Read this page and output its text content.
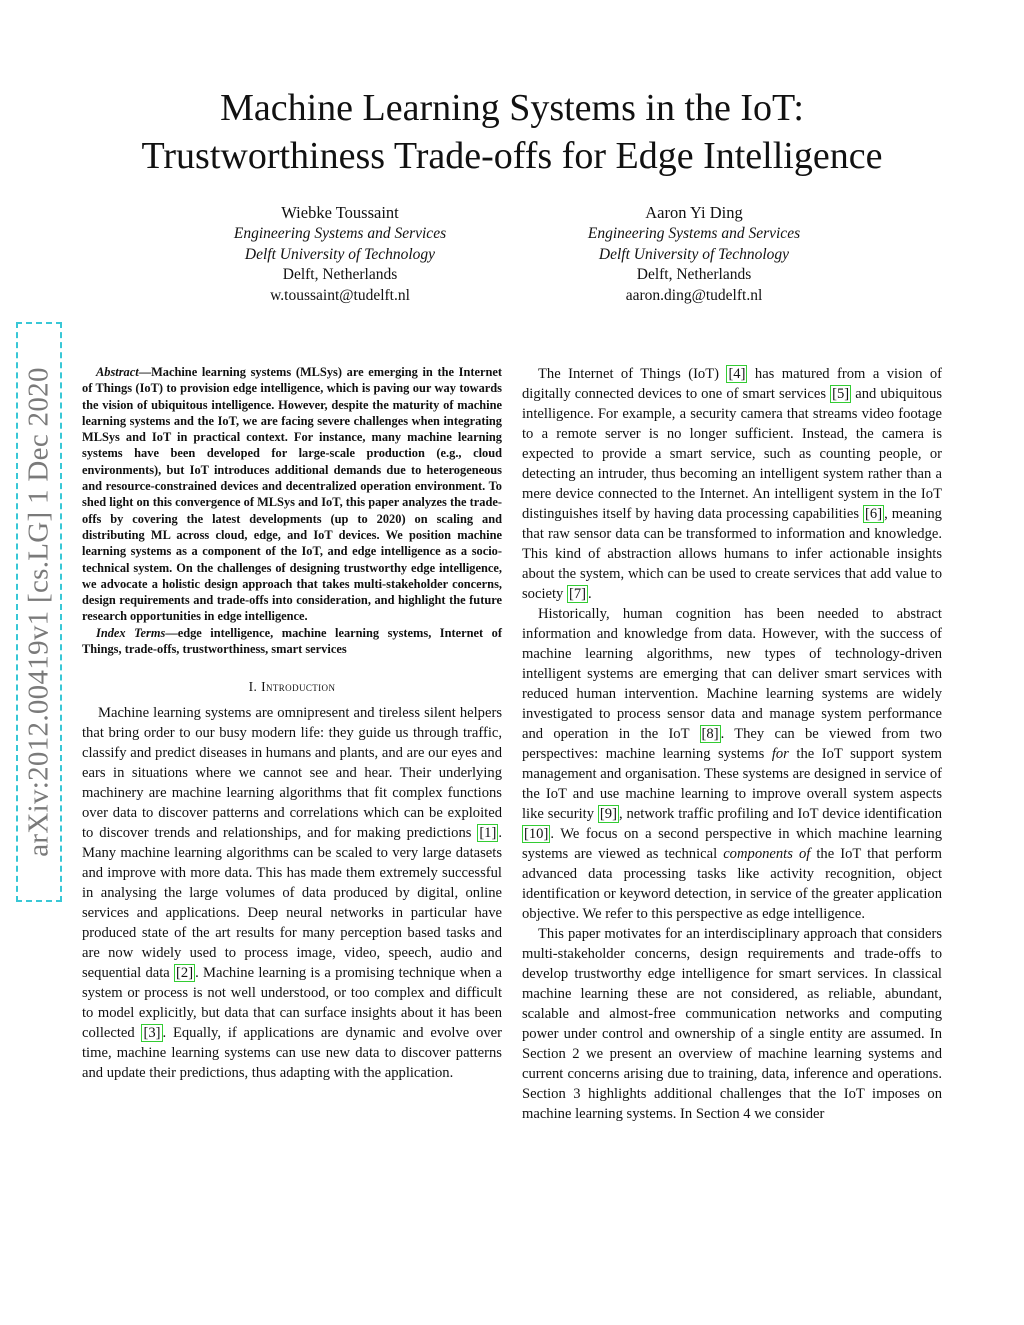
Machine Learning Systems in the IoT:
Trustworthiness Trade-offs for Edge Intelligence
Wiebke Toussaint
Engineering Systems and Services
Delft University of Technology
Delft, Netherlands
w.toussaint@tudelft.nl
Aaron Yi Ding
Engineering Systems and Services
Delft University of Technology
Delft, Netherlands
aaron.ding@tudelft.nl
arXiv:2012.00419v1 [cs.LG] 1 Dec 2020	Abstract—Machine learning systems (MLSys) are emerging in the Internet of Things (IoT) to provision edge intelligence, which is paving our way towards the vision of ubiquitous intelligence. However, despite the maturity of machine learning systems and the IoT, we are facing severe challenges when integrating MLSys and IoT in practical context. For instance, many machine learning systems have been developed for large-scale production (e.g., cloud environments), but IoT introduces additional demands due to heterogeneous and resource-constrained devices and decentralized operation environment. To shed light on this convergence of MLSys and IoT, this paper analyzes the trade-offs by covering the latest developments (up to 2020) on scaling and distributing ML across cloud, edge, and IoT devices. We position machine learning systems as a component of the IoT, and edge intelligence as a socio-technical system. On the challenges of designing trustworthy edge intelligence, we advocate a holistic design approach that takes multi-stakeholder concerns, design requirements and trade-offs into consideration, and highlight the future research opportunities in edge intelligence.

Index Terms—edge intelligence, machine learning systems, Internet of Things, trade-offs, trustworthiness, smart services

I. Introduction

Machine learning systems are omnipresent and tireless silent helpers that bring order to our busy modern life: they guide us through traffic, classify and predict diseases in humans and plants, and are our eyes and ears in situations where we cannot see and hear. Their underlying machinery are machine learning algorithms that fit complex functions over data to discover patterns and correlations which can be exploited to discover trends and relationships, and for making predictions [1] . Many machine learning algorithms can be scaled to very large datasets and improve with more data. This has made them extremely successful in analysing the large volumes of data produced by digital, online services and applications. Deep neural networks in particular have produced state of the art results for many perception based tasks and are now widely used to process image, video, speech, audio and sequential data [2] . Machine learning is a promising technique when a system or process is not well understood, or too complex and difficult to model explicitly, but data that can surface insights about it has been collected [3] . Equally, if applications are dynamic and evolve over time, machine learning systems can use new data to discover patterns and update their predictions, thus adapting with the application.

The Internet of Things (IoT) [4] has matured from a vision of digitally connected devices to one of smart services [5] and ubiquitous intelligence. For example, a security camera that streams video footage to a remote server is no longer sufficient. Instead, the camera is expected to provide a smart service, such as counting people, or detecting an intruder, thus becoming an intelligent system rather than a mere device connected to the Internet. An intelligent system in the IoT distinguishes itself by having data processing capabilities [6] , meaning that raw sensor data can be transformed to information and knowledge. This kind of abstraction allows humans to infer actionable insights about the system, which can be used to create services that add value to society [7] .

Historically, human cognition has been needed to abstract information and knowledge from data. However, with the success of machine learning algorithms, new types of technology-driven intelligent systems are emerging that can deliver smart services with reduced human intervention. Machine learning systems are widely investigated to process sensor data and manage system performance and operation in the IoT [8] . They can be viewed from two perspectives: machine learning systems for the IoT support system management and organisation. These systems are designed in service of the IoT and use machine learning to improve overall system aspects like security [9] , network traffic profiling and IoT device identification [10] . We focus on a second perspective in which machine learning systems are viewed as technical components of the IoT that perform advanced data processing tasks like activity recognition, object identification or keyword detection, in service of the greater application objective. We refer to this perspective as edge intelligence.

This paper motivates for an interdisciplinary approach that considers multi-stakeholder concerns, design requirements and trade-offs to develop trustworthy edge intelligence for smart services. In classical machine learning these are not considered, as reliable, abundant, scalable and almost-free communication networks and computing power under control and ownership of a single entity are assumed. In Section 2 we present an overview of machine learning systems and current concerns arising due to training, data, inference and operations. Section 3 highlights additional challenges that the IoT imposes on machine learning systems. In Section 4 we consider
